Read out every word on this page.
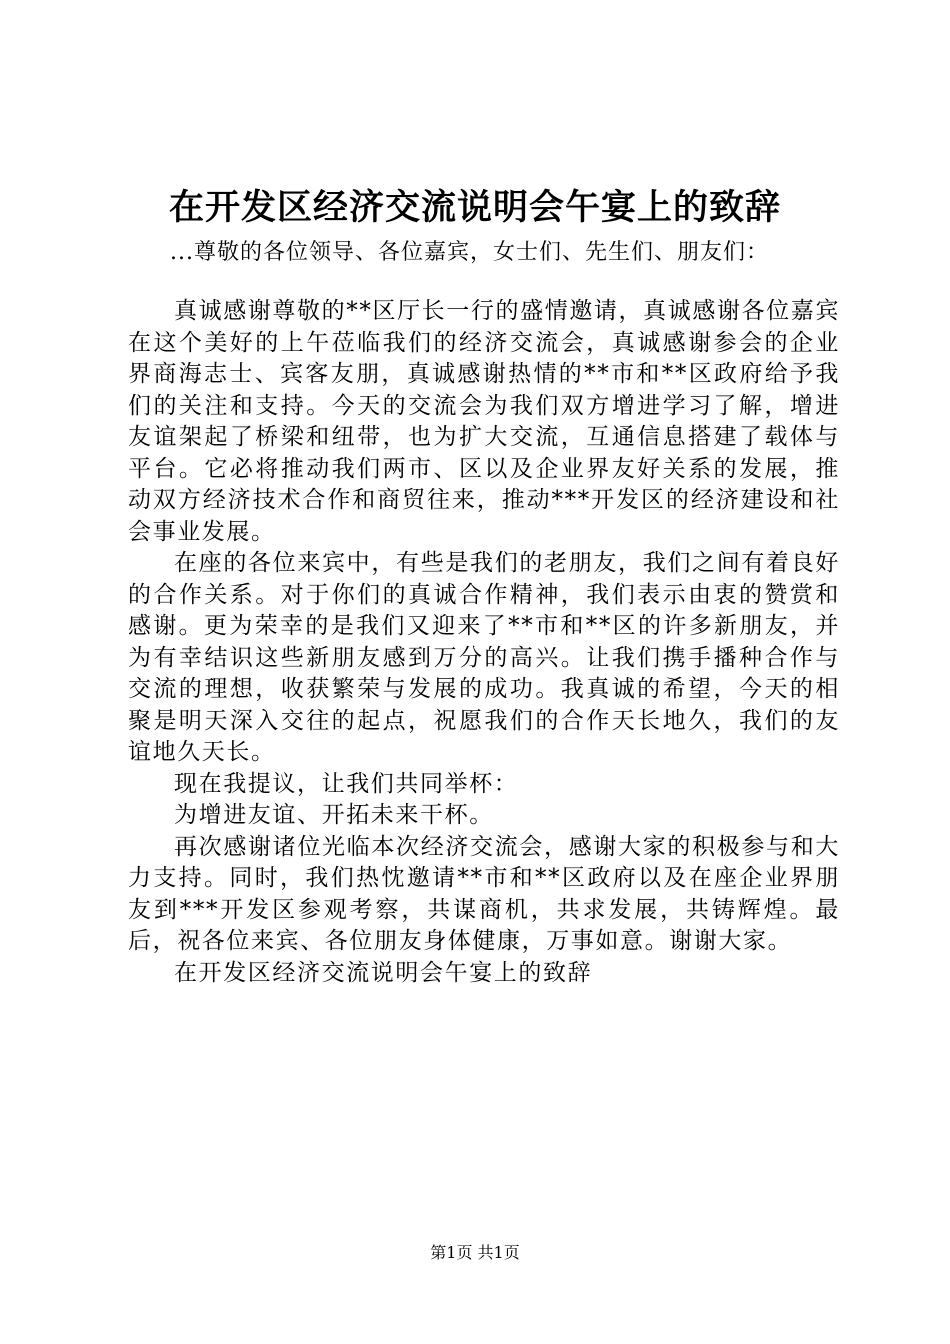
在开发区经济交流说明会午宴上的致辞

...尊敬的各位领导、各位嘉宾，女士们、先生们、朋友们：

真诚感谢尊敬的**区厅长一行的盛情邀请，真诚感谢各位嘉宾在这个美好的上午莅临我们的经济交流会，真诚感谢参会的企业界商海志士、宾客友朋，真诚感谢热情的**市和**区政府给予我们的关注和支持。今天的交流会为我们双方增进学习了解，增进友谊架起了桥梁和纽带，也为扩大交流，互通信息搭建了载体与平台。它必将推动我们两市、区以及企业界友好关系的发展，推动双方经济技术合作和商贸往来，推动***开发区的经济建设和社会事业发展。

在座的各位来宾中，有些是我们的老朋友，我们之间有着良好的合作关系。对于你们的真诚合作精神，我们表示由衷的赞赏和感谢。更为荣幸的是我们又迎来了**市和**区的许多新朋友，并为有幸结识这些新朋友感到万分的高兴。让我们携手播种合作与交流的理想，收获繁荣与发展的成功。我真诚的希望，今天的相聚是明天深入交往的起点，祝愿我们的合作天长地久，我们的友谊地久天长。

现在我提议，让我们共同举杯：

为增进友谊、开拓未来干杯。

再次感谢诸位光临本次经济交流会，感谢大家的积极参与和大力支持。同时，我们热忱邀请**市和**区政府以及在座企业界朋友到***开发区参观考察，共谋商机，共求发展，共铸辉煌。最后，祝各位来宾、各位朋友身体健康，万事如意。谢谢大家。

在开发区经济交流说明会午宴上的致辞

第1页 共1页
